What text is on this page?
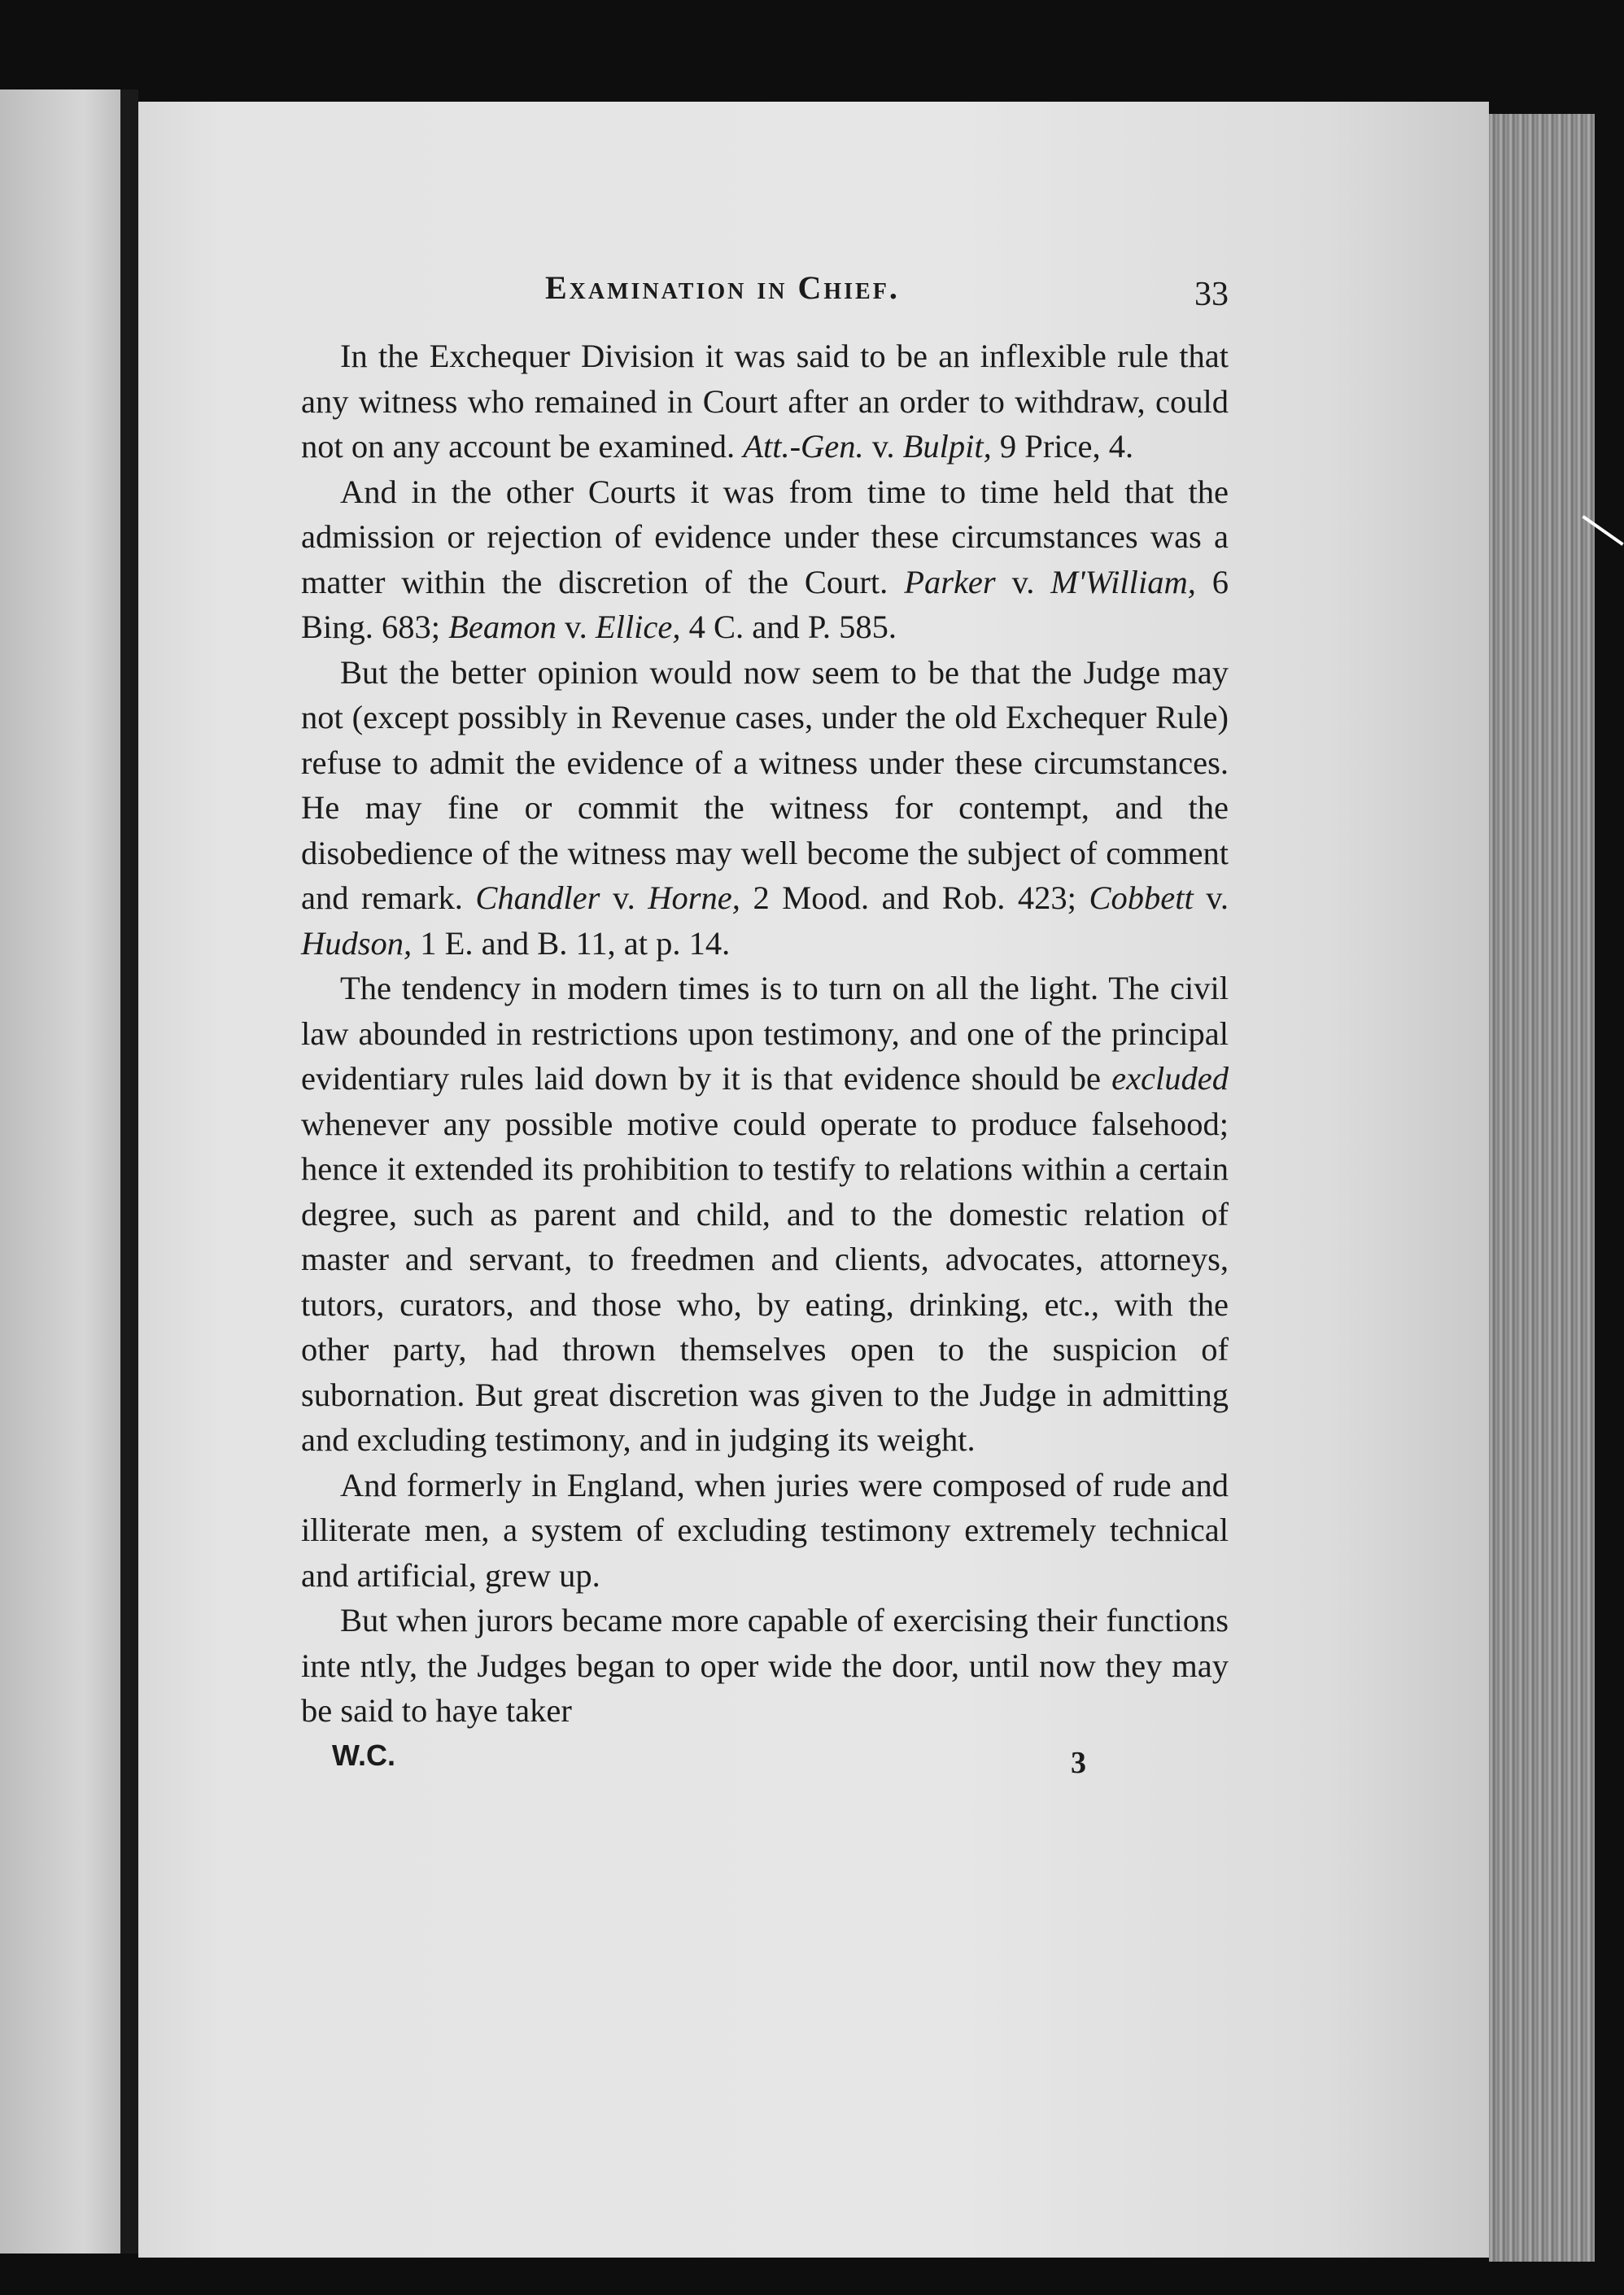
Examination in Chief.	33

In the Exchequer Division it was said to be an inflexible rule that any witness who remained in Court after an order to withdraw, could not on any account be examined. Att.-Gen. v. Bulpit, 9 Price, 4.

And in the other Courts it was from time to time held that the admission or rejection of evidence under these circumstances was a matter within the discretion of the Court. Parker v. M'William, 6 Bing. 683; Beamon v. Ellice, 4 C. and P. 585.

But the better opinion would now seem to be that the Judge may not (except possibly in Revenue cases, under the old Exchequer Rule) refuse to admit the evidence of a witness under these circumstances. He may fine or commit the witness for contempt, and the disobedience of the witness may well become the subject of comment and remark. Chandler v. Horne, 2 Mood. and Rob. 423; Cobbett v. Hudson, 1 E. and B. 11, at p. 14.

The tendency in modern times is to turn on all the light. The civil law abounded in restrictions upon testimony, and one of the principal evidentiary rules laid down by it is that evidence should be excluded whenever any possible motive could operate to produce falsehood; hence it extended its prohibition to testify to relations within a certain degree, such as parent and child, and to the domestic relation of master and servant, to freedmen and clients, advocates, attorneys, tutors, curators, and those who, by eating, drinking, etc., with the other party, had thrown themselves open to the suspicion of subornation. But great discretion was given to the Judge in admitting and excluding testimony, and in judging its weight.

And formerly in England, when juries were composed of rude and illiterate men, a system of excluding testimony extremely technical and artificial, grew up.

But when jurors became more capable of exercising their functions inte ntly, the Judges began to oper wide the door, until now they may be said to haye taker

W.C.	3
